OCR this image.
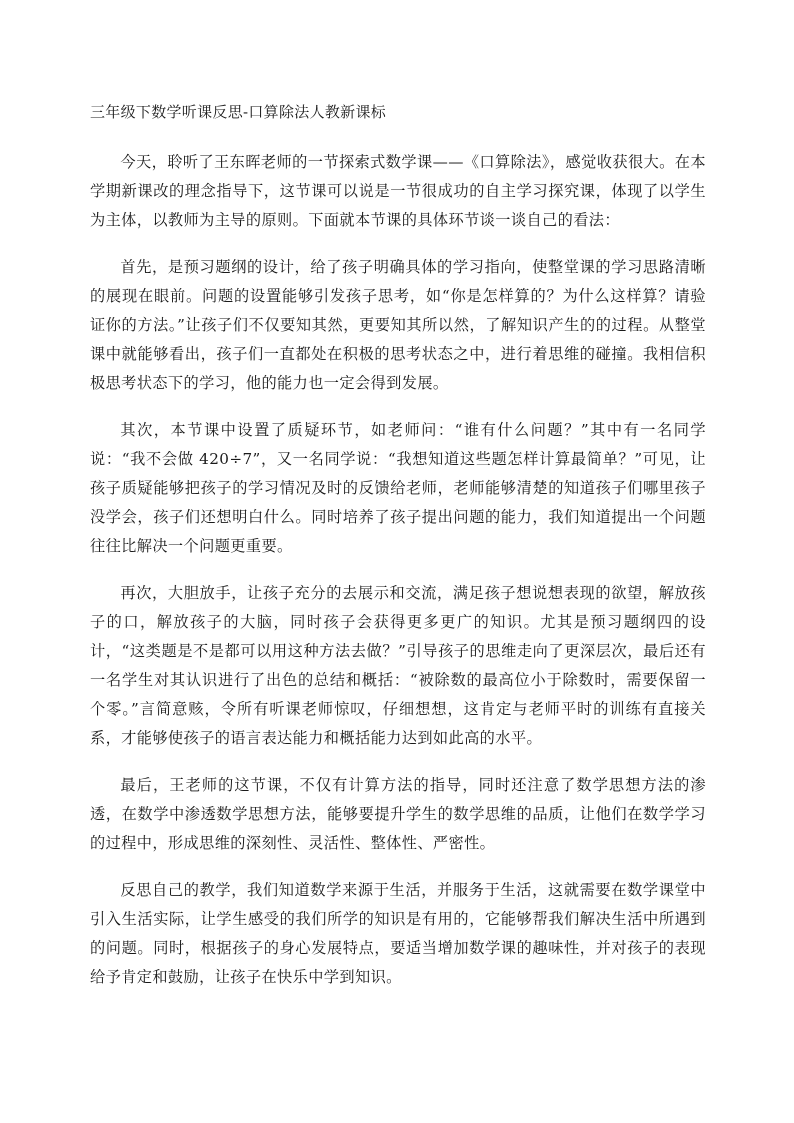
三年级下数学听课反思-口算除法人教新课标

今天，聆听了王东晖老师的一节探索式数学课——《口算除法》，感觉收获很大。在本学期新课改的理念指导下，这节课可以说是一节很成功的自主学习探究课，体现了以学生为主体，以教师为主导的原则。下面就本节课的具体环节谈一谈自己的看法：

首先，是预习题纲的设计，给了孩子明确具体的学习指向，使整堂课的学习思路清晰的展现在眼前。问题的设置能够引发孩子思考，如“你是怎样算的？为什么这样算？请验证你的方法。”让孩子们不仅要知其然，更要知其所以然，了解知识产生的的过程。从整堂课中就能够看出，孩子们一直都处在积极的思考状态之中，进行着思维的碰撞。我相信积极思考状态下的学习，他的能力也一定会得到发展。

其次，本节课中设置了质疑环节，如老师问：“谁有什么问题？”其中有一名同学说：“我不会做 420÷7”，又一名同学说：“我想知道这些题怎样计算最简单？”可见，让孩子质疑能够把孩子的学习情况及时的反馈给老师，老师能够清楚的知道孩子们哪里孩子没学会，孩子们还想明白什么。同时培养了孩子提出问题的能力，我们知道提出一个问题往往比解决一个问题更重要。

再次，大胆放手，让孩子充分的去展示和交流，满足孩子想说想表现的欲望，解放孩子的口，解放孩子的大脑，同时孩子会获得更多更广的知识。尤其是预习题纲四的设计，“这类题是不是都可以用这种方法去做？”引导孩子的思维走向了更深层次，最后还有一名学生对其认识进行了出色的总结和概括：“被除数的最高位小于除数时，需要保留一个零。”言简意赅，令所有听课老师惊叹，仔细想想，这肯定与老师平时的训练有直接关系，才能够使孩子的语言表达能力和概括能力达到如此高的水平。

最后，王老师的这节课，不仅有计算方法的指导，同时还注意了数学思想方法的渗透，在数学中渗透数学思想方法，能够要提升学生的数学思维的品质，让他们在数学学习的过程中，形成思维的深刻性、灵活性、整体性、严密性。

反思自己的教学，我们知道数学来源于生活，并服务于生活，这就需要在数学课堂中引入生活实际，让学生感受的我们所学的知识是有用的，它能够帮我们解决生活中所遇到的问题。同时，根据孩子的身心发展特点，要适当增加数学课的趣味性，并对孩子的表现给予肯定和鼓励，让孩子在快乐中学到知识。
